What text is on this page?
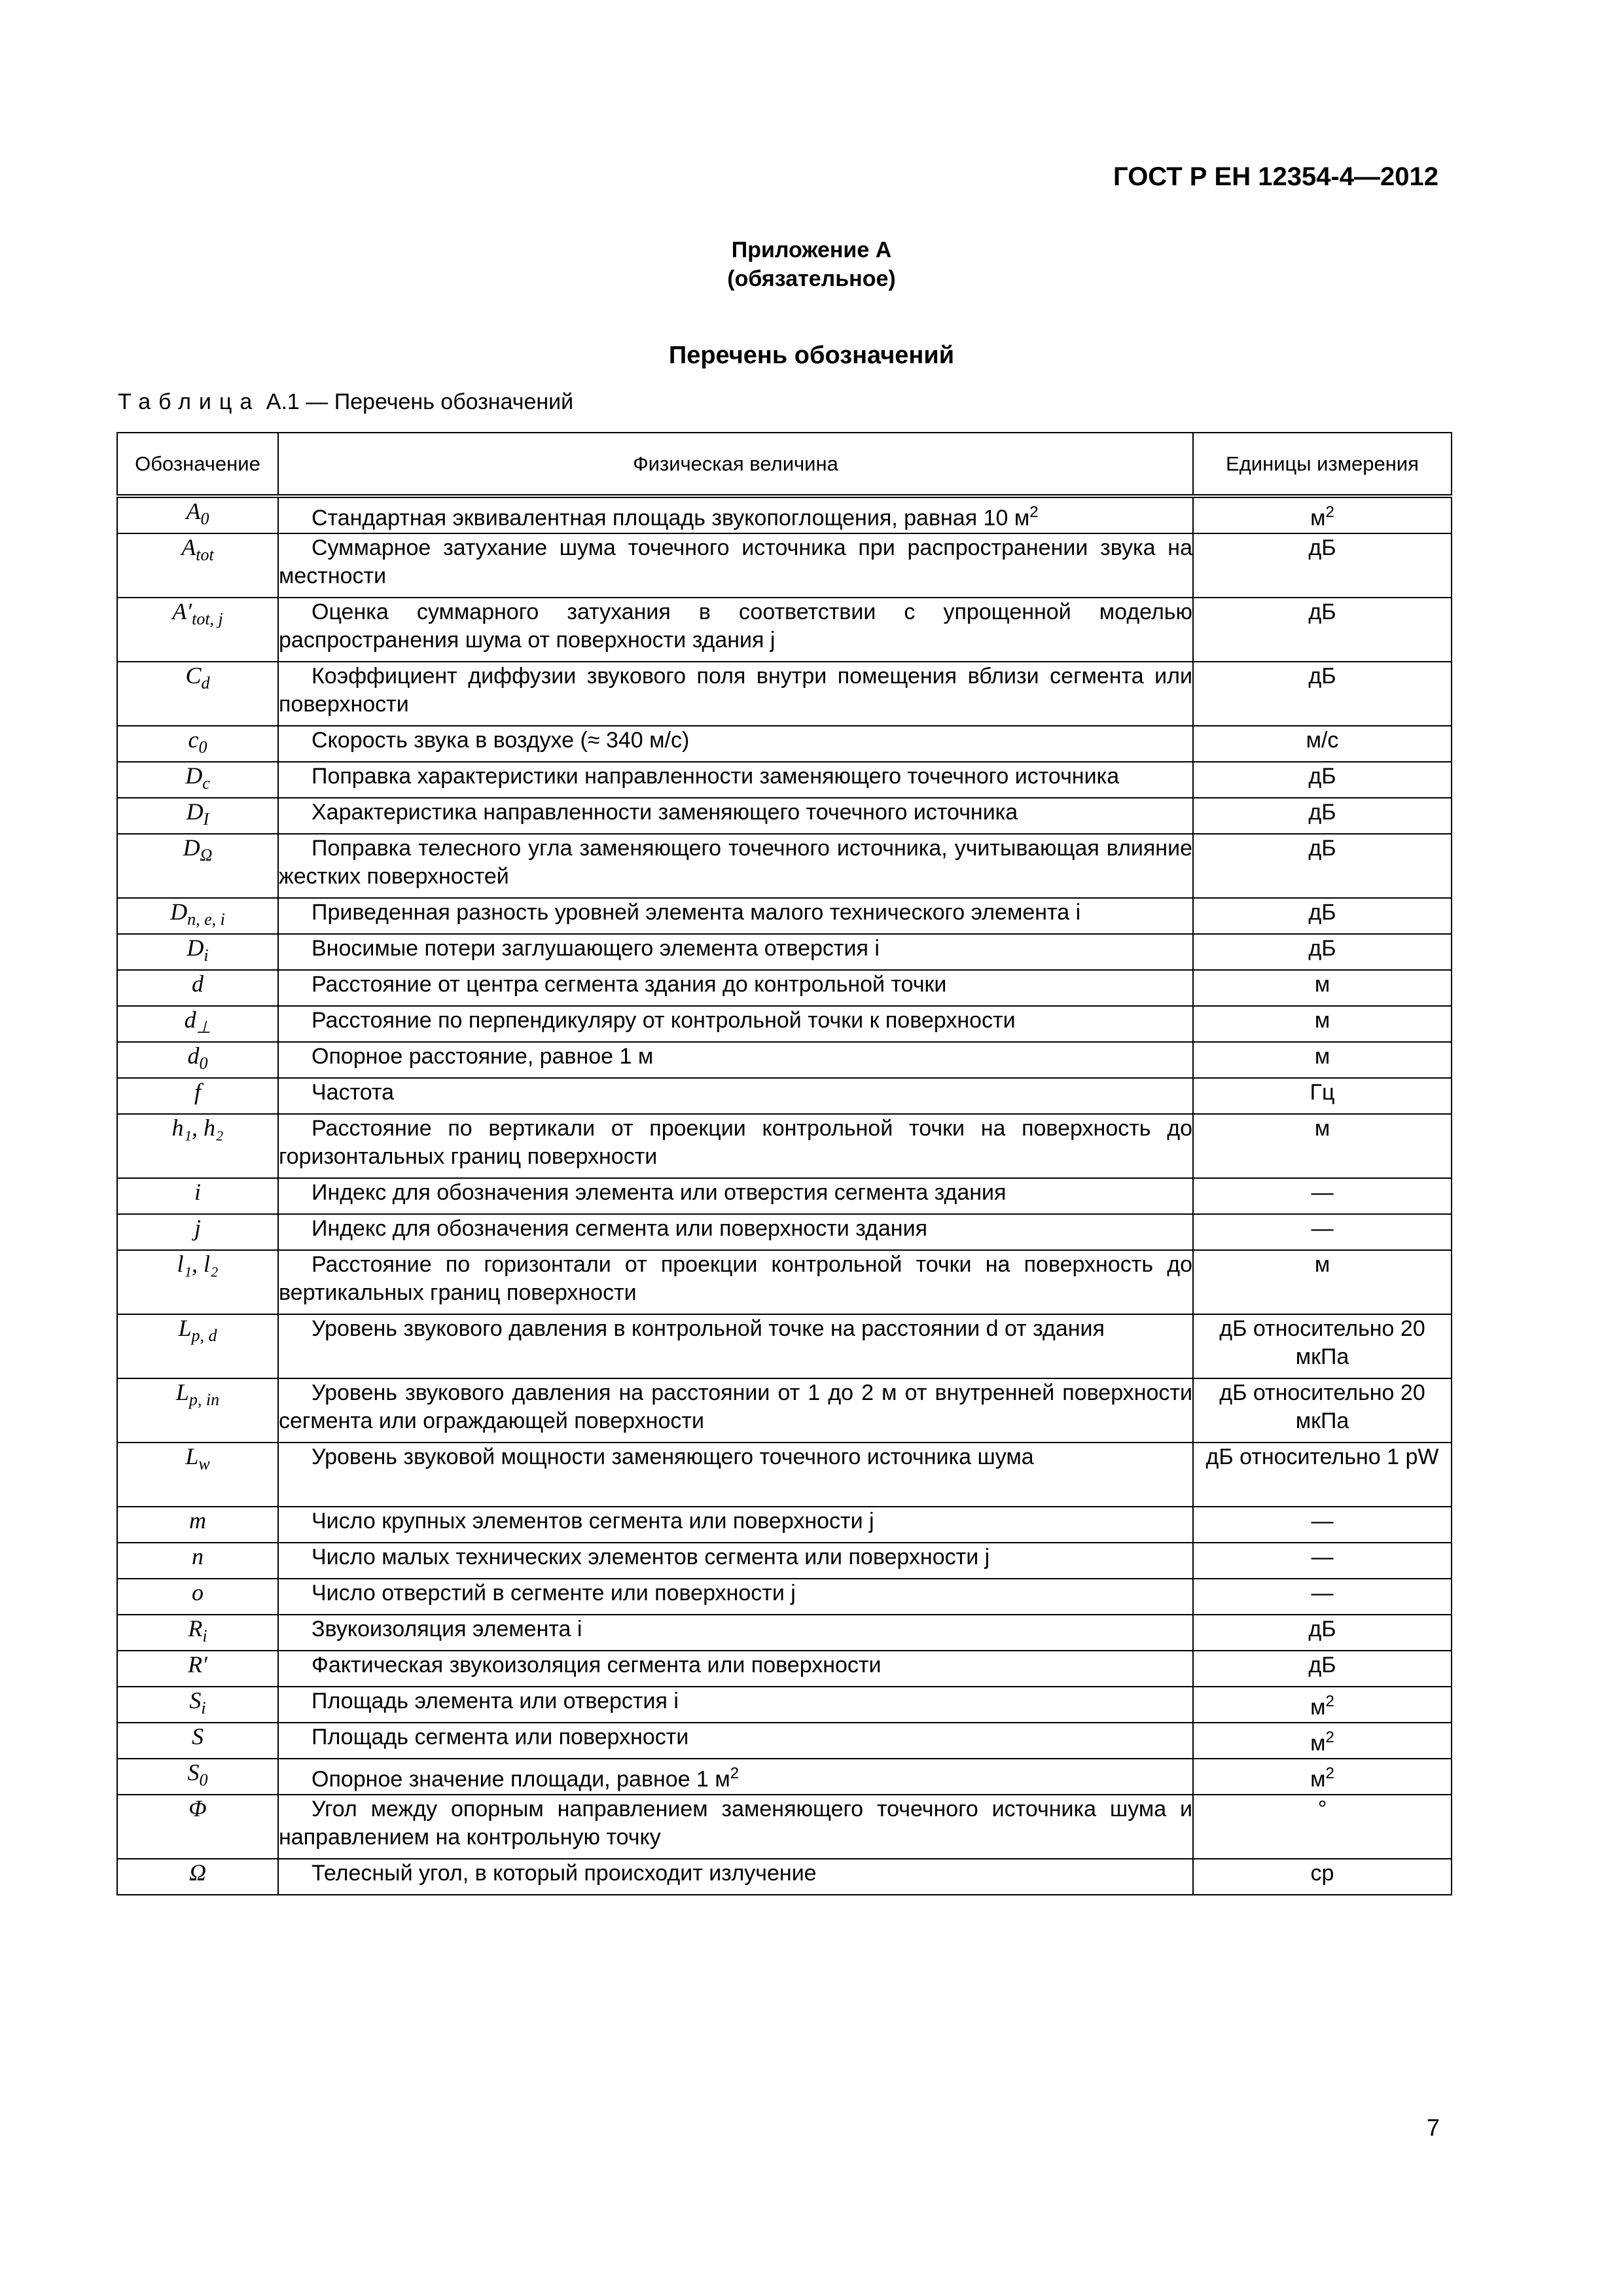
ГОСТ Р ЕН 12354-4—2012
Приложение А
(обязательное)
Перечень обозначений
Таблица А.1 — Перечень обозначений
Обозначение	Физическая величина	Единицы измерения
$A_0$	Стандартная эквивалентная площадь звукопоглощения, равная 10 $м^2$	$м^2$
$A_{tot}$	Суммарное затухание шума точечного источника при распространении звука на местности	дБ
$A'_{tot, j}$	Оценка суммарного затухания в соответствии с упрощенной моделью распространения шума от поверхности здания j	дБ
$C_d$	Коэффициент диффузии звукового поля внутри помещения вблизи сегмента или поверхности	дБ
$c_0$	Скорость звука в воздухе (≈ 340 м/с)	м/с
$D_c$	Поправка характеристики направленности заменяющего точечного источника	дБ
$D_I$	Характеристика направленности заменяющего точечного источника	дБ
$D_\Omega$	Поправка телесного угла заменяющего точечного источника, учитывающая влияние жестких поверхностей	дБ
$D_{n, e, i}$	Приведенная разность уровней элемента малого технического элемента i	дБ
$D_i$	Вносимые потери заглушающего элемента отверстия i	дБ
d	Расстояние от центра сегмента здания до контрольной точки	м
$d_\perp$	Расстояние по перпендикуляру от контрольной точки к поверхности	м
$d_0$	Опорное расстояние, равное 1 м	м
f	Частота	Гц
h₁, h₂	Расстояние по вертикали от проекции контрольной точки на поверхность до горизонтальных границ поверхности	м
i	Индекс для обозначения элемента или отверстия сегмента здания	—
j	Индекс для обозначения сегмента или поверхности здания	—
l₁, l₂	Расстояние по горизонтали от проекции контрольной точки на поверхность до вертикальных границ поверхности	м
$L_{p, d}$	Уровень звукового давления в контрольной точке на расстоянии d от здания	дБ относительно 20 мкПа
$L_{p, in}$	Уровень звукового давления на расстоянии от 1 до 2 м от внутренней поверхности сегмента или ограждающей поверхности	дБ относительно 20 мкПа
$L_w$	Уровень звуковой мощности заменяющего точечного источника шума	дБ относительно 1 pW
m	Число крупных элементов сегмента или поверхности j	—
n	Число малых технических элементов сегмента или поверхности j	—
o	Число отверстий в сегменте или поверхности j	—
$R_i$	Звукоизоляция элемента i	дБ
R′	Фактическая звукоизоляция сегмента или поверхности	дБ
$S_i$	Площадь элемента или отверстия i	$м^2$
S	Площадь сегмента или поверхности	$м^2$
$S_0$	Опорное значение площади, равное 1 $м^2$	$м^2$
Φ	Угол между опорным направлением заменяющего точечного источника шума и направлением на контрольную точку	°
Ω	Телесный угол, в который происходит излучение	ср
7
